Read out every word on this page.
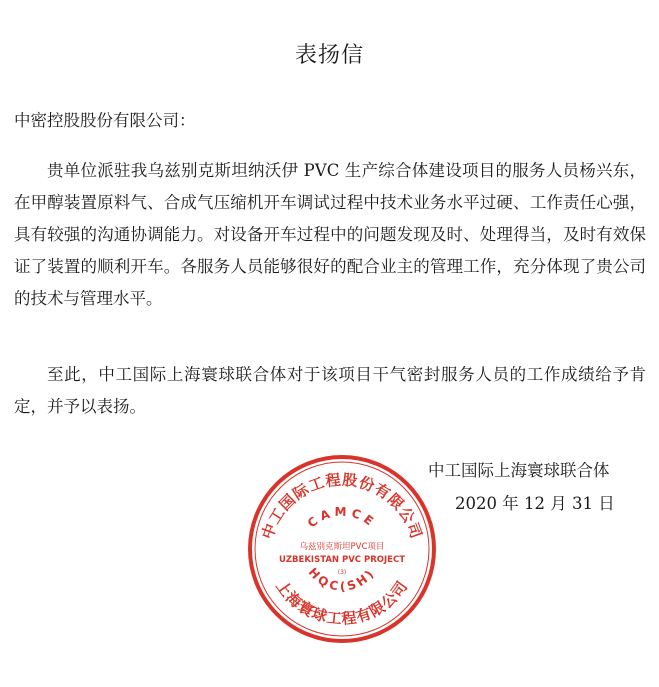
表扬信
中密控股股份有限公司：
贵单位派驻我乌兹别克斯坦纳沃伊 PVC 生产综合体建设项目的服务人员杨兴东，在甲醇装置原料气、合成气压缩机开车调试过程中技术业务水平过硬、工作责任心强，具有较强的沟通协调能力。对设备开车过程中的问题发现及时、处理得当，及时有效保证了装置的顺利开车。各服务人员能够很好的配合业主的管理工作，充分体现了贵公司的技术与管理水平。
至此，中工国际上海寰球联合体对于该项目干气密封服务人员的工作成绩给予肯定，并予以表扬。
中工国际上海寰球联合体
2020 年 12 月 31 日
中工国际工程股份有限公司
CAMCE
乌兹别克斯坦PVC项目
UZBEKISTAN PVC PROJECT
(3)
HQC(SH)
上海寰球工程有限公司
